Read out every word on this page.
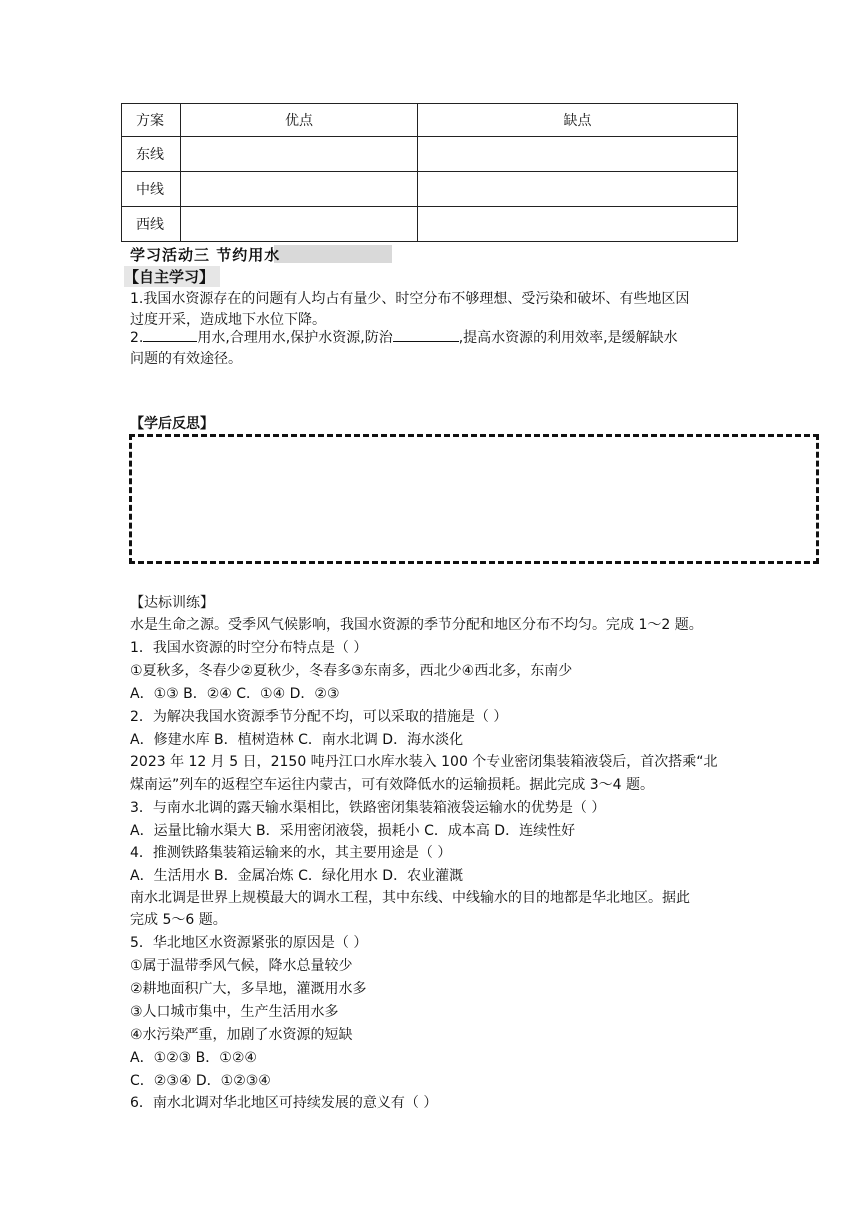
方案	优点	缺点
东线		
中线		
西线		
学习活动三 节约用水
【自主学习】
1.我国水资源存在的问题有人均占有量少、时空分布不够理想、受污染和破坏、有些地区因
过度开采，造成地下水位下降。
2.	用水,合理用水,保护水资源,防治	,提高水资源的利用效率,是缓解缺水
问题的有效途径。
【学后反思】
【达标训练】
水是生命之源。受季风气候影响，我国水资源的季节分配和地区分布不均匀。完成 1～2 题。
1．我国水资源的时空分布特点是（ ）
①夏秋多，冬春少②夏秋少，冬春多③东南多，西北少④西北多，东南少
A．①③ B．②④ C．①④ D．②③
2．为解决我国水资源季节分配不均，可以采取的措施是（ ）
A．修建水库 B．植树造林 C．南水北调 D．海水淡化
2023 年 12 月 5 日，2150 吨丹江口水库水装入 100 个专业密闭集装箱液袋后，首次搭乘“北
煤南运”列车的返程空车运往内蒙古，可有效降低水的运输损耗。据此完成 3～4 题。
3．与南水北调的露天输水渠相比，铁路密闭集装箱液袋运输水的优势是（ ）
A．运量比输水渠大 B．采用密闭液袋，损耗小 C．成本高 D．连续性好
4．推测铁路集装箱运输来的水，其主要用途是（ ）
A．生活用水 B．金属冶炼 C．绿化用水 D．农业灌溉
南水北调是世界上规模最大的调水工程，其中东线、中线输水的目的地都是华北地区。据此
完成 5～6 题。
5．华北地区水资源紧张的原因是（ ）
①属于温带季风气候，降水总量较少
②耕地面积广大，多旱地，灌溉用水多
③人口城市集中，生产生活用水多
④水污染严重，加剧了水资源的短缺
A．①②③ B．①②④
C．②③④ D．①②③④
6．南水北调对华北地区可持续发展的意义有（ ）
